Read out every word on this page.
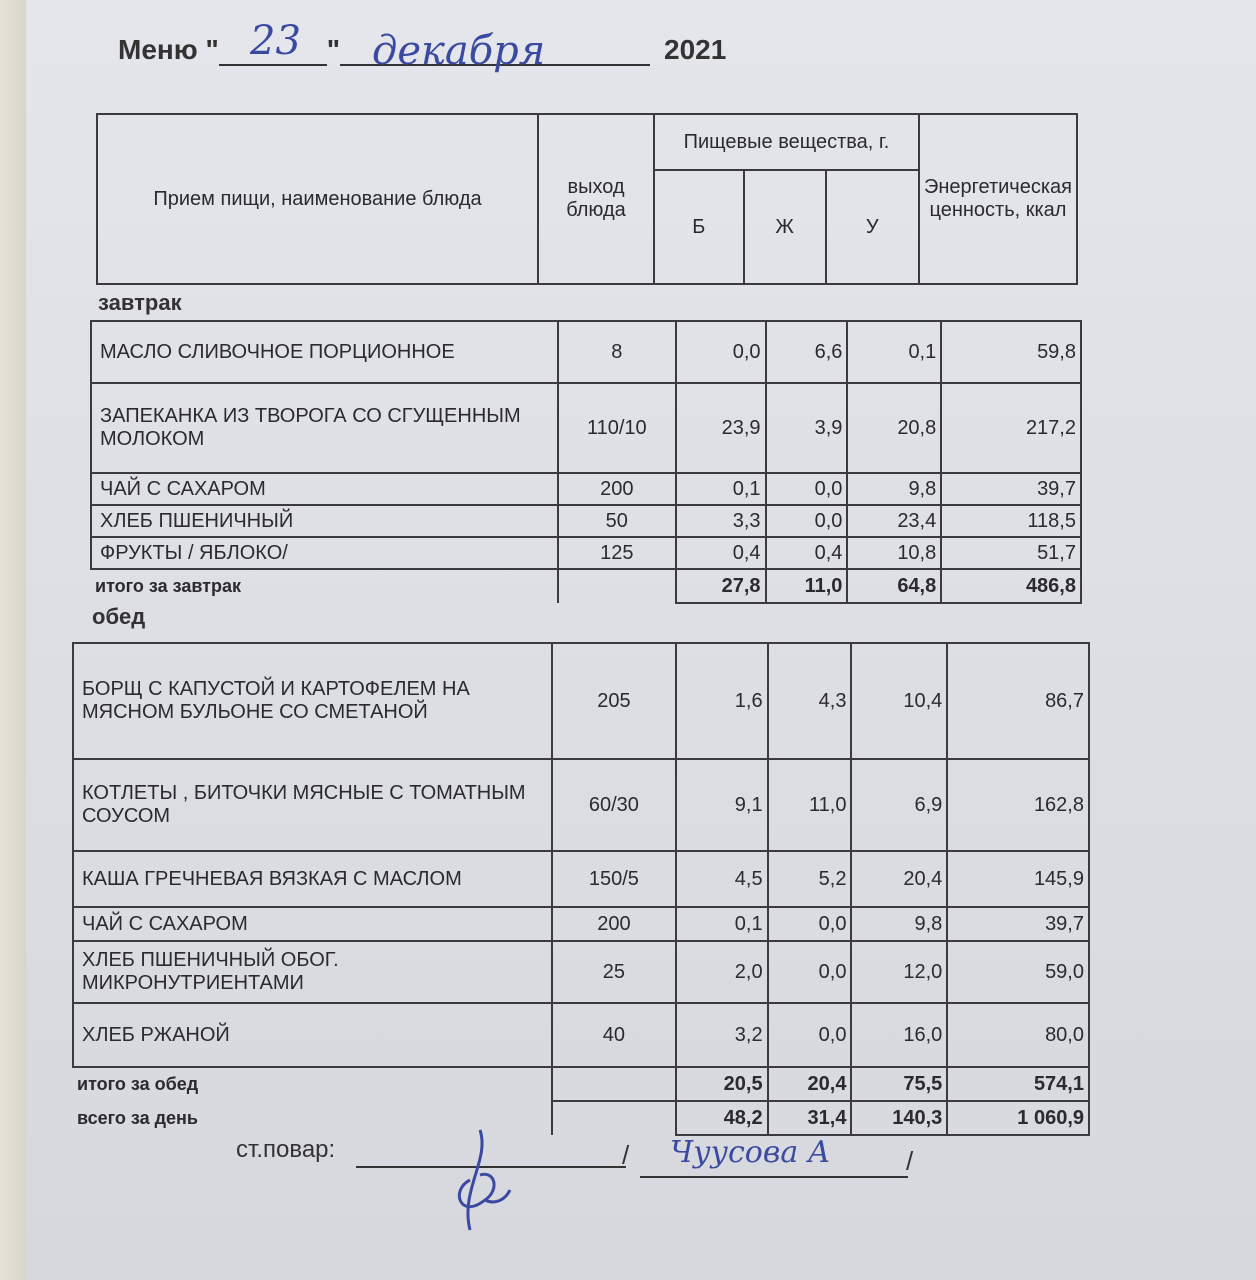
Меню "	"
23 декабря	2021
Прием пищи, наименование блюда	выход блюда	Пищевые вещества, г.			Энергетическая ценность, ккал
		Б	Ж	У	
завтрак
МАСЛО СЛИВОЧНОЕ ПОРЦИОННОЕ	8	0,0	6,6	0,1	59,8
ЗАПЕКАНКА ИЗ ТВОРОГА СО СГУЩЕННЫМ МОЛОКОМ	110/10	23,9	3,9	20,8	217,2
ЧАЙ С САХАРОМ	200	0,1	0,0	9,8	39,7
ХЛЕБ ПШЕНИЧНЫЙ	50	3,3	0,0	23,4	118,5
ФРУКТЫ / ЯБЛОКО/	125	0,4	0,4	10,8	51,7
итого за завтрак		27,8	11,0	64,8	486,8
обед
БОРЩ С КАПУСТОЙ И КАРТОФЕЛЕМ НА МЯСНОМ БУЛЬОНЕ СО СМЕТАНОЙ	205	1,6	4,3	10,4	86,7
КОТЛЕТЫ , БИТОЧКИ МЯСНЫЕ С ТОМАТНЫМ СОУСОМ	60/30	9,1	11,0	6,9	162,8
КАША ГРЕЧНЕВАЯ ВЯЗКАЯ С МАСЛОМ	150/5	4,5	5,2	20,4	145,9
ЧАЙ С САХАРОМ	200	0,1	0,0	9,8	39,7
ХЛЕБ ПШЕНИЧНЫЙ ОБОГ. МИКРОНУТРИЕНТАМИ	25	2,0	0,0	12,0	59,0
ХЛЕБ РЖАНОЙ	40	3,2	0,0	16,0	80,0
итого за обед		20,5	20,4	75,5	574,1
всего за день		48,2	31,4	140,3	1 060,9
ст.повар:	/	/
Чуусова А
